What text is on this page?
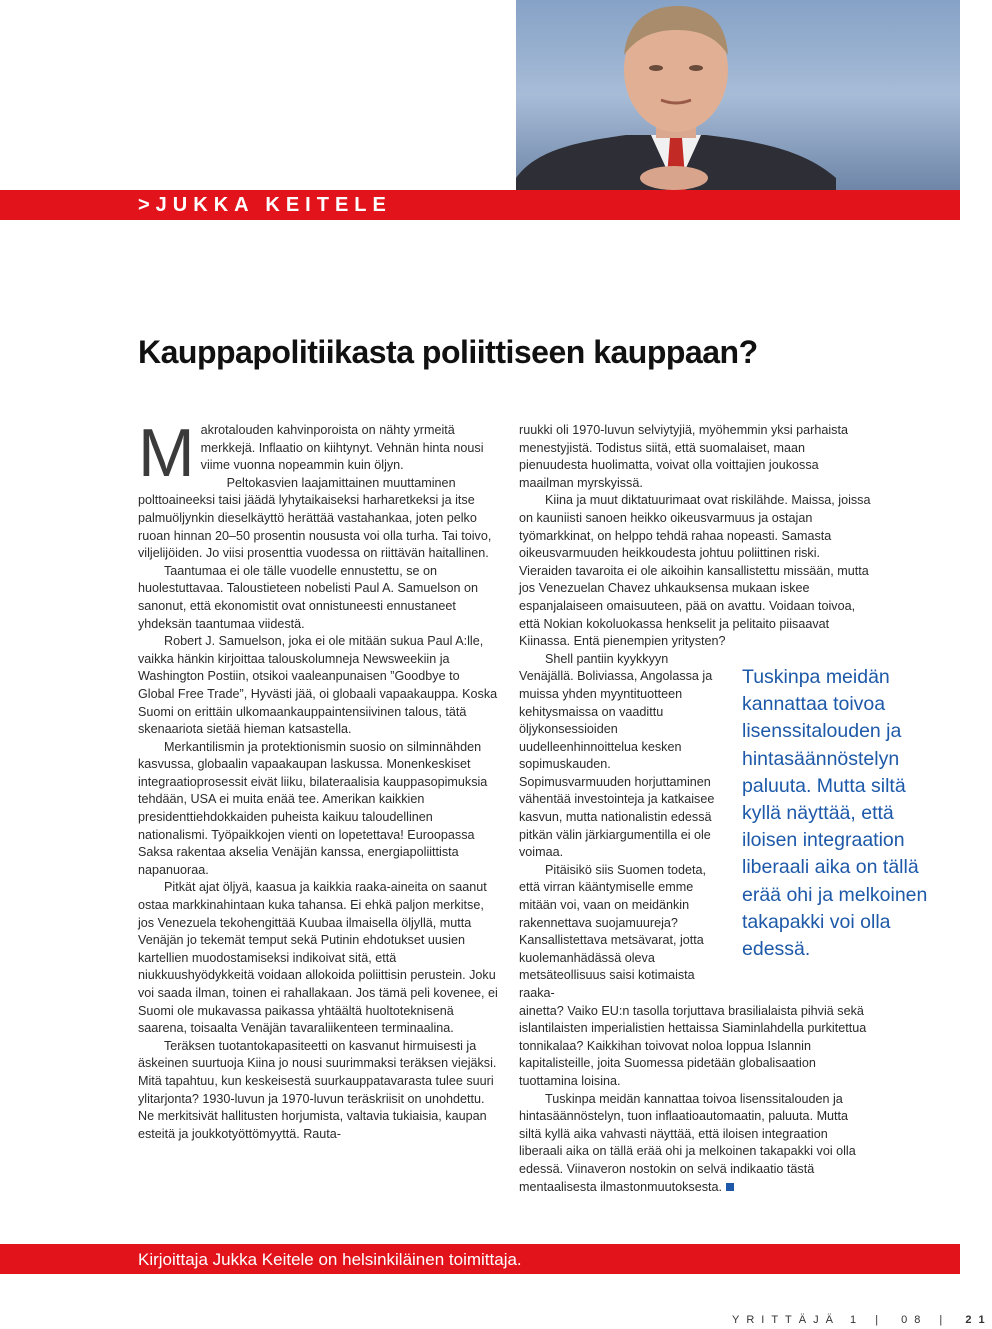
>JUKKA KEITELE
Kauppapolitiikasta poliittiseen kauppaan?
M akrotalouden kahvinporoista on nähty yrmeitä merkkejä. Inflaatio on kiihtynyt. Vehnän hinta nousi viime vuonna nopeammin kuin öljyn.

Peltokasvien laajamittainen muuttaminen polttoaineeksi taisi jäädä lyhytaikaiseksi harharetkeksi ja itse palmuöljynkin dieselkäyttö herättää vastahankaa, joten pelko ruoan hinnan 20–50 prosentin noususta voi olla turha. Tai toivo, viljelijöiden. Jo viisi prosenttia vuodessa on riittävän haitallinen.

Taantumaa ei ole tälle vuodelle ennustettu, se on huolestuttavaa. Taloustieteen nobelisti Paul A. Samuelson on sanonut, että ekonomistit ovat onnistuneesti ennustaneet yhdeksän taantumaa viidestä.

Robert J. Samuelson, joka ei ole mitään sukua Paul A:lle, vaikka hänkin kirjoittaa talouskolumneja Newsweekiin ja Washington Postiin, otsikoi vaaleanpunaisen ”Goodbye to Global Free Trade”, Hyvästi jää, oi globaali vapaakauppa. Koska Suomi on erittäin ulkomaankauppaintensiivinen talous, tätä skenaariota sietää hieman katsastella.

Merkantilismin ja protektionismin suosio on silminnähden kasvussa, globaalin vapaakaupan laskussa. Monenkeskiset integraatioprosessit eivät liiku, bilateraalisia kauppasopimuksia tehdään, USA ei muita enää tee. Amerikan kaikkien presidenttiehdokkaiden puheista kaikuu taloudellinen nationalismi. Työpaikkojen vienti on lopetettava! Euroopassa Saksa rakentaa akselia Venäjän kanssa, energiapoliittista napanuoraa.

Pitkät ajat öljyä, kaasua ja kaikkia raaka-aineita on saanut ostaa markkinahintaan kuka tahansa. Ei ehkä paljon merkitse, jos Venezuela tekohengittää Kuubaa ilmaisella öljyllä, mutta Venäjän jo tekemät temput sekä Putinin ehdotukset uusien kartellien muodostamiseksi indikoivat sitä, että niukkuushyödykkeitä voidaan allokoida poliittisin perustein. Joku voi saada ilman, toinen ei rahallakaan. Jos tämä peli kovenee, ei Suomi ole mukavassa paikassa yhtäältä huoltoteknisenä saarena, toisaalta Venäjän tavaraliikenteen terminaalina.

Teräksen tuotantokapasiteetti on kasvanut hirmuisesti ja äskeinen suurtuoja Kiina jo nousi suurimmaksi teräksen viejäksi. Mitä tapahtuu, kun keskeisestä suurkauppatavarasta tulee suuri ylitarjonta? 1930-luvun ja 1970-luvun teräskriisit on unohdettu. Ne merkitsivät hallitusten horjumista, valtavia tukiaisia, kaupan esteitä ja joukkotyöttömyyttä. Rauta-

ruukki oli 1970-luvun selviytyjiä, myöhemmin yksi parhaista menestyjistä. Todistus siitä, että suomalaiset, maan pienuudesta huolimatta, voivat olla voittajien joukossa maailman myrskyissä.

Kiina ja muut diktatuurimaat ovat riskilähde. Maissa, joissa on kauniisti sanoen heikko oikeusvarmuus ja ostajan työmarkkinat, on helppo tehdä rahaa nopeasti. Samasta oikeusvarmuuden heikkoudesta johtuu poliittinen riski. Vieraiden tavaroita ei ole aikoihin kansallistettu missään, mutta jos Venezuelan Chavez uhkauksensa mukaan iskee espanjalaiseen omaisuuteen, pää on avattu. Voidaan toivoa, että Nokian kokoluokassa henkselit ja pelitaito piisaavat Kiinassa. Entä pienempien yritysten?

Shell pantiin kyykkyyn Venäjällä. Boliviassa, Angolassa ja muissa yhden myyntituotteen kehitysmaissa on vaadittu öljykonsessioiden uudelleenhinnoittelua kesken sopimuskauden. Sopimusvarmuuden horjuttaminen vähentää investointeja ja katkaisee kasvun, mutta nationalistin edessä pitkän välin järkiargumentilla ei ole voimaa.

Pitäisikö siis Suomen todeta, että virran kääntymiselle emme mitään voi, vaan on meidänkin rakennettava suojamuureja? Kansallistettava metsävarat, jotta kuolemanhädässä oleva metsäteollisuus saisi kotimaista raaka-

ainetta? Vaiko EU:n tasolla torjuttava brasilialaista pihviä sekä islantilaisten imperialistien hettaissa Siaminlahdella purkitettua tonnikalaa? Kaikkihan toivovat noloa loppua Islannin kapitalisteille, joita Suomessa pidetään globalisaation tuottamina loisina.

Tuskinpa meidän kannattaa toivoa lisenssitalouden ja hintasäännöstelyn, tuon inflaatioautomaatin, paluuta. Mutta siltä kyllä aika vahvasti näyttää, että iloisen integraation liberaali aika on tällä erää ohi ja melkoinen takapakki voi olla edessä. Viinaveron nostokin on selvä indikaatio tästä mentaalisesta ilmastonmuutoksesta.

Tuskinpa meidän kannattaa toivoa lisenssitalouden ja hintasäännöstelyn paluuta. Mutta siltä kyllä näyttää, että iloisen integraation liberaali aika on tällä erää ohi ja melkoinen takapakki voi olla edessä.

Kirjoittaja Jukka Keitele on helsinkiläinen toimittaja.

YRITTÄJÄ 1 | 08 | 21
